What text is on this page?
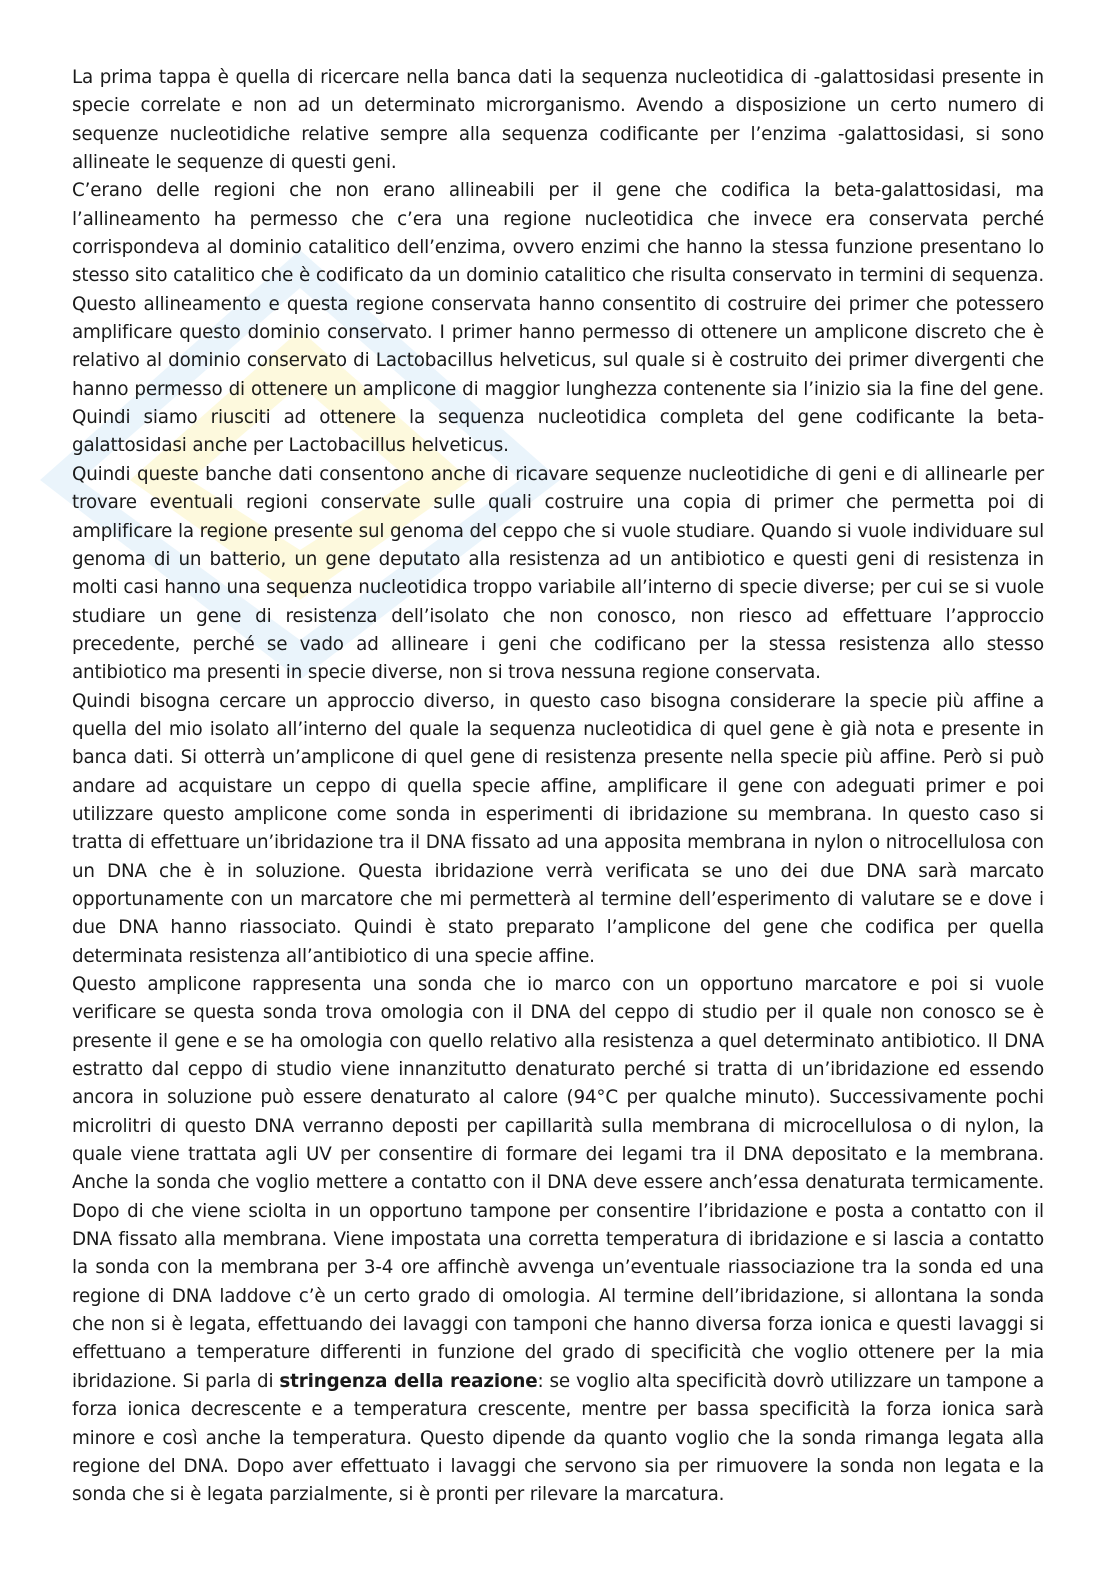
La prima tappa è quella di ricercare nella banca dati la sequenza nucleotidica di -galattosidasi presente in specie correlate e non ad un determinato microrganismo. Avendo a disposizione un certo numero di sequenze nucleotidiche relative sempre alla sequenza codificante per l’enzima -galattosidasi, si sono allineate le sequenze di questi geni.

C’erano delle regioni che non erano allineabili per il gene che codifica la beta-galattosidasi, ma l’allineamento ha permesso che c’era una regione nucleotidica che invece era conservata perché corrispondeva al dominio catalitico dell’enzima, ovvero enzimi che hanno la stessa funzione presentano lo stesso sito catalitico che è codificato da un dominio catalitico che risulta conservato in termini di sequenza. Questo allineamento e questa regione conservata hanno consentito di costruire dei primer che potessero amplificare questo dominio conservato. I primer hanno permesso di ottenere un amplicone discreto che è relativo al dominio conservato di Lactobacillus helveticus, sul quale si è costruito dei primer divergenti che hanno permesso di ottenere un amplicone di maggior lunghezza contenente sia l’inizio sia la fine del gene. Quindi siamo riusciti ad ottenere la sequenza nucleotidica completa del gene codificante la beta-galattosidasi anche per Lactobacillus helveticus.

Quindi queste banche dati consentono anche di ricavare sequenze nucleotidiche di geni e di allinearle per trovare eventuali regioni conservate sulle quali costruire una copia di primer che permetta poi di amplificare la regione presente sul genoma del ceppo che si vuole studiare. Quando si vuole individuare sul genoma di un batterio, un gene deputato alla resistenza ad un antibiotico e questi geni di resistenza in molti casi hanno una sequenza nucleotidica troppo variabile all’interno di specie diverse; per cui se si vuole studiare un gene di resistenza dell’isolato che non conosco, non riesco ad effettuare l’approccio precedente, perché se vado ad allineare i geni che codificano per la stessa resistenza allo stesso antibiotico ma presenti in specie diverse, non si trova nessuna regione conservata.

Quindi bisogna cercare un approccio diverso, in questo caso bisogna considerare la specie più affine a quella del mio isolato all’interno del quale la sequenza nucleotidica di quel gene è già nota e presente in banca dati. Si otterrà un’amplicone di quel gene di resistenza presente nella specie più affine. Però si può andare ad acquistare un ceppo di quella specie affine, amplificare il gene con adeguati primer e poi utilizzare questo amplicone come sonda in esperimenti di ibridazione su membrana. In questo caso si tratta di effettuare un’ibridazione tra il DNA fissato ad una apposita membrana in nylon o nitrocellulosa con un DNA che è in soluzione. Questa ibridazione verrà verificata se uno dei due DNA sarà marcato opportunamente con un marcatore che mi permetterà al termine dell’esperimento di valutare se e dove i due DNA hanno riassociato. Quindi è stato preparato l’amplicone del gene che codifica per quella determinata resistenza all’antibiotico di una specie affine.

Questo amplicone rappresenta una sonda che io marco con un opportuno marcatore e poi si vuole verificare se questa sonda trova omologia con il DNA del ceppo di studio per il quale non conosco se è presente il gene e se ha omologia con quello relativo alla resistenza a quel determinato antibiotico. Il DNA estratto dal ceppo di studio viene innanzitutto denaturato perché si tratta di un’ibridazione ed essendo ancora in soluzione può essere denaturato al calore (94°C per qualche minuto). Successivamente pochi microlitri di questo DNA verranno deposti per capillarità sulla membrana di microcellulosa o di nylon, la quale viene trattata agli UV per consentire di formare dei legami tra il DNA depositato e la membrana. Anche la sonda che voglio mettere a contatto con il DNA deve essere anch’essa denaturata termicamente. Dopo di che viene sciolta in un opportuno tampone per consentire l’ibridazione e posta a contatto con il DNA fissato alla membrana. Viene impostata una corretta temperatura di ibridazione e si lascia a contatto la sonda con la membrana per 3-4 ore affinchè avvenga un’eventuale riassociazione tra la sonda ed una regione di DNA laddove c’è un certo grado di omologia. Al termine dell’ibridazione, si allontana la sonda che non si è legata, effettuando dei lavaggi con tamponi che hanno diversa forza ionica e questi lavaggi si effettuano a temperature differenti in funzione del grado di specificità che voglio ottenere per la mia ibridazione. Si parla di stringenza della reazione: se voglio alta specificità dovrò utilizzare un tampone a forza ionica decrescente e a temperatura crescente, mentre per bassa specificità la forza ionica sarà minore e così anche la temperatura. Questo dipende da quanto voglio che la sonda rimanga legata alla regione del DNA. Dopo aver effettuato i lavaggi che servono sia per rimuovere la sonda non legata e la sonda che si è legata parzialmente, si è pronti per rilevare la marcatura.
